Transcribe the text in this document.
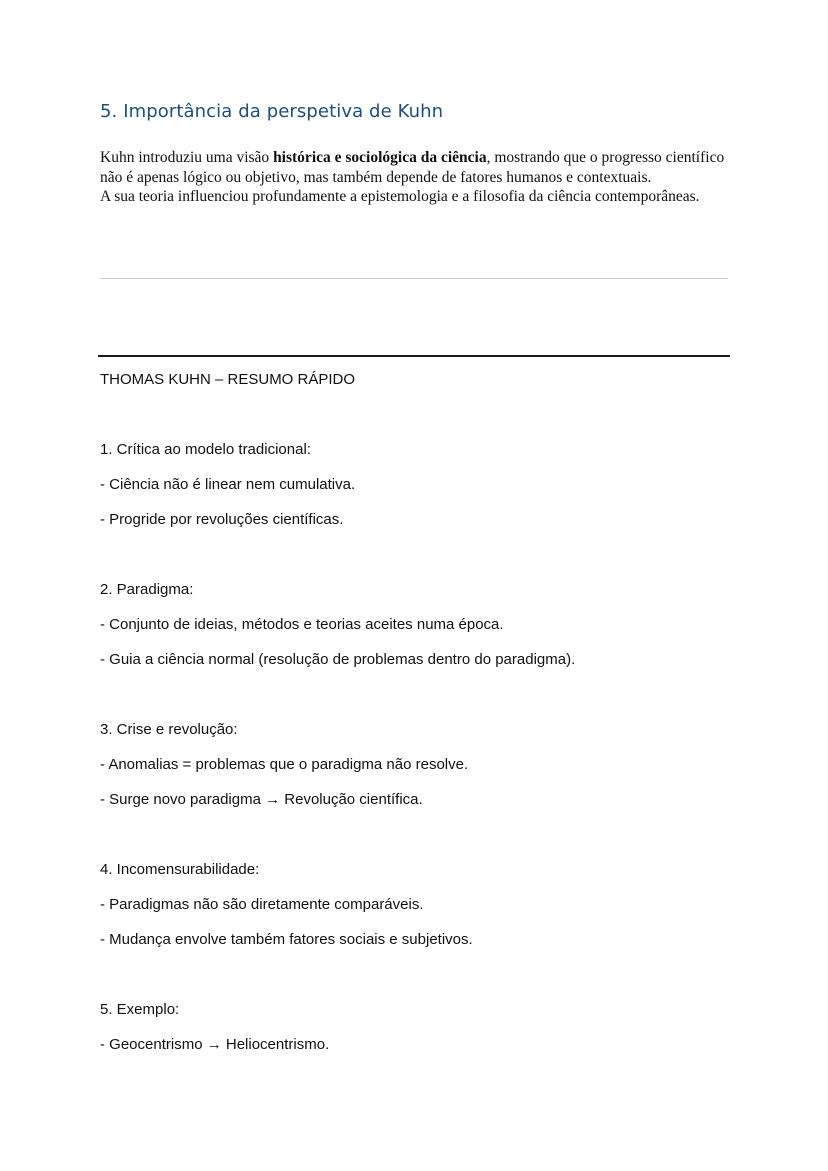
5. Importância da perspetiva de Kuhn

Kuhn introduziu uma visão histórica e sociológica da ciência, mostrando que o progresso científico não é apenas lógico ou objetivo, mas também depende de fatores humanos e contextuais.

A sua teoria influenciou profundamente a epistemologia e a filosofia da ciência contemporâneas.

THOMAS KUHN – RESUMO RÁPIDO
1. Crítica ao modelo tradicional:
- Ciência não é linear nem cumulativa.
- Progride por revoluções científicas.
2. Paradigma:
- Conjunto de ideias, métodos e teorias aceites numa época.
- Guia a ciência normal (resolução de problemas dentro do paradigma).
3. Crise e revolução:
- Anomalias = problemas que o paradigma não resolve.
- Surge novo paradigma → Revolução científica.
4. Incomensurabilidade:
- Paradigmas não são diretamente comparáveis.
- Mudança envolve também fatores sociais e subjetivos.
5. Exemplo:
- Geocentrismo → Heliocentrismo.
